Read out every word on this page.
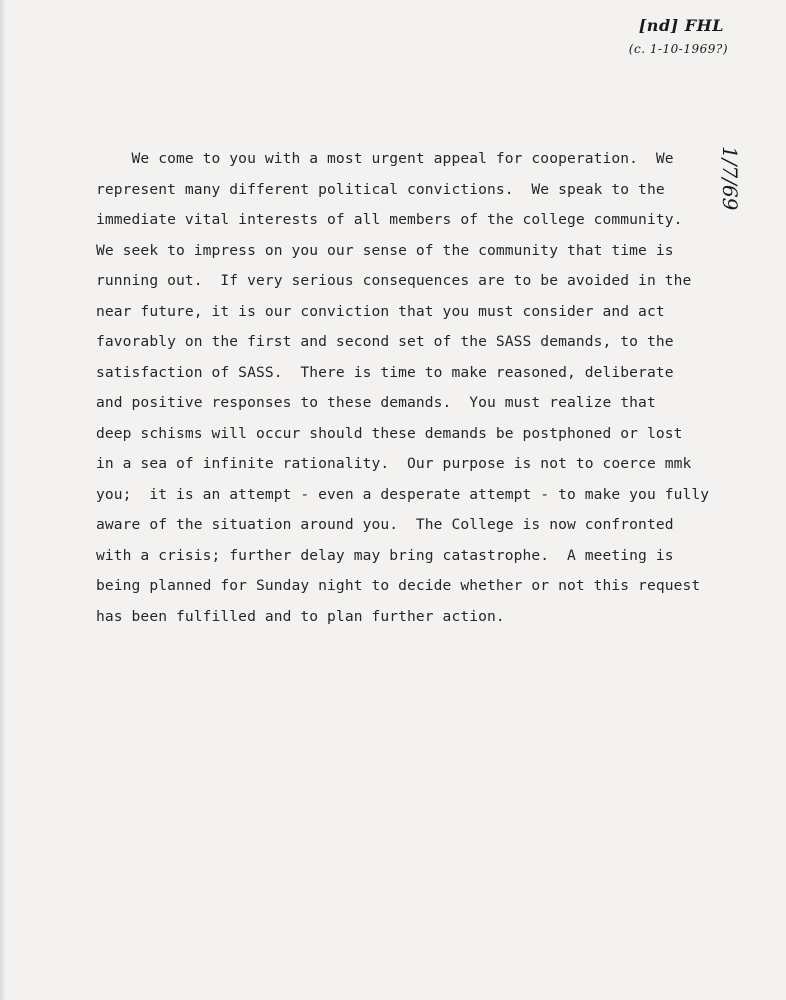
[nd] FHL
(c. 1-10-1969?)
1/7/69
We come to you with a most urgent appeal for cooperation.  We
represent many different political convictions.  We speak to the
immediate vital interests of all members of the college community.
We seek to impress on you our sense of the community that time is
running out.  If very serious consequences are to be avoided in the
near future, it is our conviction that you must consider and act
favorably on the first and second set of the SASS demands, to the
satisfaction of SASS.  There is time to make reasoned, deliberate
and positive responses to these demands.  You must realize that
deep schisms will occur should these demands be postphoned or lost
in a sea of infinite rationality.  Our purpose is not to coerce mmk
you;  it is an attempt - even a desperate attempt - to make you fully
aware of the situation around you.  The College is now confronted
with a crisis; further delay may bring catastrophe.  A meeting is
being planned for Sunday night to decide whether or not this request
has been fulfilled and to plan further action.
